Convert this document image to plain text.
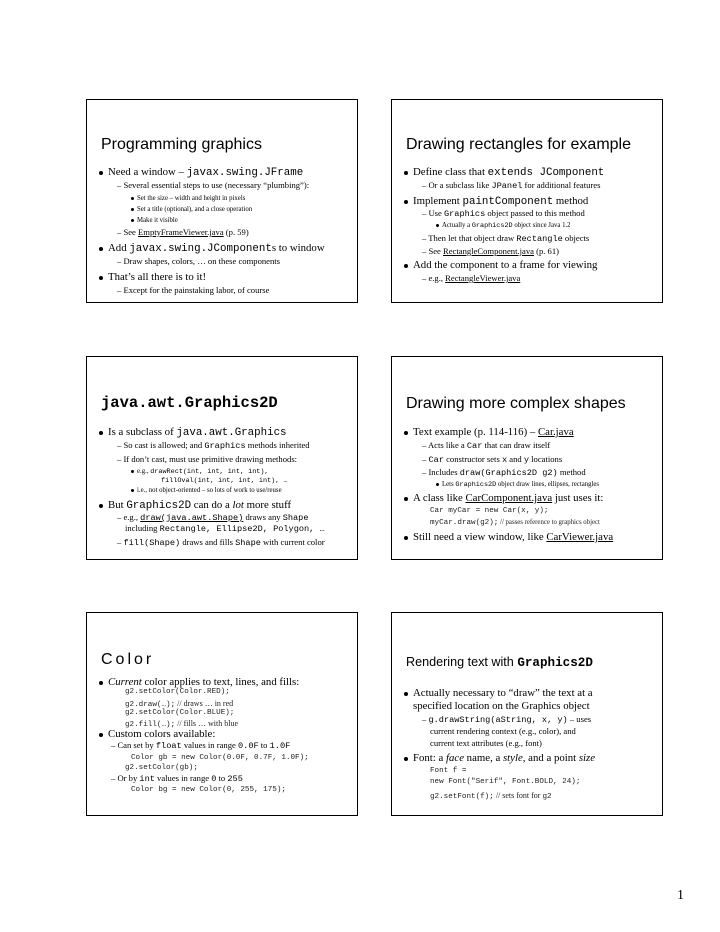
Programming graphics
Need a window – javax.swing.JFrame
– Several essential steps to use (necessary “plumbing”):
Set the size – width and height in pixels
Set a title (optional), and a close operation
Make it visible
– See EmptyFrameViewer.java (p. 59)
Add javax.swing.JComponents to window
– Draw shapes, colors, … on these components
That’s all there is to it!
– Except for the painstaking labor, of course
Drawing rectangles for example
Define class that extends JComponent
– Or a subclass like JPanel for additional features
Implement paintComponent method
– Use Graphics object passed to this method
Actually a Graphics2D object since Java 1.2
– Then let that object draw Rectangle objects
– See RectangleComponent.java (p. 61)
Add the component to a frame for viewing
– e.g., RectangleViewer.java
java.awt.Graphics2D
Is a subclass of java.awt.Graphics
– So cast is allowed; and Graphics methods inherited
– If don’t cast, must use primitive drawing methods:
e.g., drawRect(int, int, int, int),
fillOval(int, int, int, int), …
i.e., not object-oriented – so lots of work to use/reuse
But Graphics2D can do a lot more stuff
– e.g., draw(java.awt.Shape) draws any Shape
including Rectangle, Ellipse2D, Polygon, …
– fill(Shape) draws and fills Shape with current color
Drawing more complex shapes
Text example (p. 114-116) – Car.java
– Acts like a Car that can draw itself
– Car constructor sets x and y locations
– Includes draw(Graphics2D g2) method
Lets Graphics2D object draw lines, ellipses, rectangles
A class like CarComponent.java just uses it:
Car myCar = new Car(x, y);
myCar.draw(g2); // passes reference to graphics object
Still need a view window, like CarViewer.java
Color
Current color applies to text, lines, and fills:
g2.setColor(Color.RED);
g2.draw(…); // draws … in red
g2.setColor(Color.BLUE);
g2.fill(…); // fills … with blue
Custom colors available:
– Can set by float values in range 0.0F to 1.0F
Color gb = new Color(0.0F, 0.7F, 1.0F);
g2.setColor(gb);
– Or by int values in range 0 to 255
Color bg = new Color(0, 255, 175);
Rendering text with Graphics2D
Actually necessary to “draw” the text at a
specified location on the Graphics object
– g.drawString(aString, x, y) – uses
current rendering context (e.g., color), and
current text attributes (e.g., font)
Font: a face name, a style, and a point size
Font f =
new Font("Serif", Font.BOLD, 24);
g2.setFont(f); // sets font for g2
1
